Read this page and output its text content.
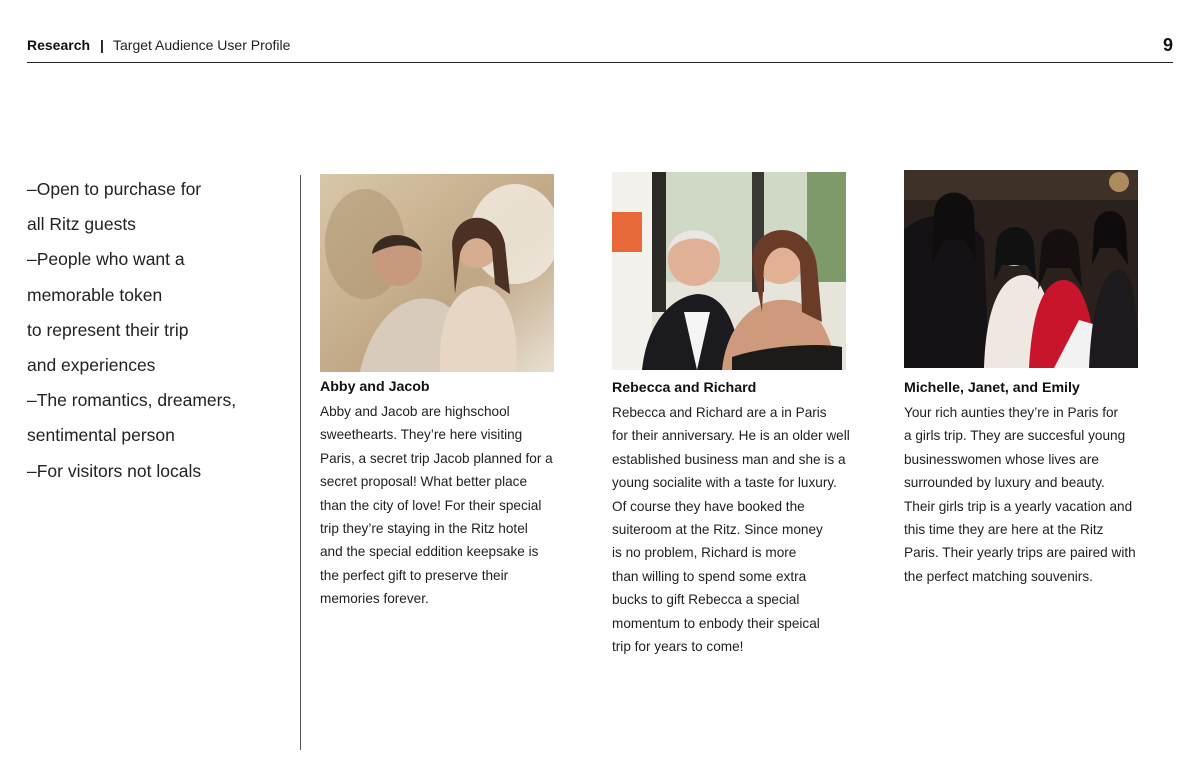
Research | Target Audience User Profile	9
–Open to purchase for
all Ritz guests
–People who want a
memorable token
to represent their trip
and experiences
–The romantics, dreamers,
sentimental person
–For visitors not locals
Abby and Jacob

Abby and Jacob are highschool
sweethearts. They’re here visiting
Paris, a secret trip Jacob planned for a
secret proposal! What better place
than the city of love! For their special
trip they’re staying in the Ritz hotel
and the special eddition keepsake is
the perfect gift to preserve their
memories forever.

Rebecca and Richard

Rebecca and Richard are a in Paris
for their anniversary. He is an older well
established business man and she is a
young socialite with a taste for luxury.
Of course they have booked the
suiteroom at the Ritz. Since money
is no problem, Richard is more
than willing to spend some extra
bucks to gift Rebecca a special
momentum to enbody their speical
trip for years to come!

Michelle, Janet, and Emily

Your rich aunties they’re in Paris for
a girls trip. They are succesful young
businesswomen whose lives are
surrounded by luxury and beauty.
Their girls trip is a yearly vacation and
this time they are here at the Ritz
Paris. Their yearly trips are paired with
the perfect matching souvenirs.
